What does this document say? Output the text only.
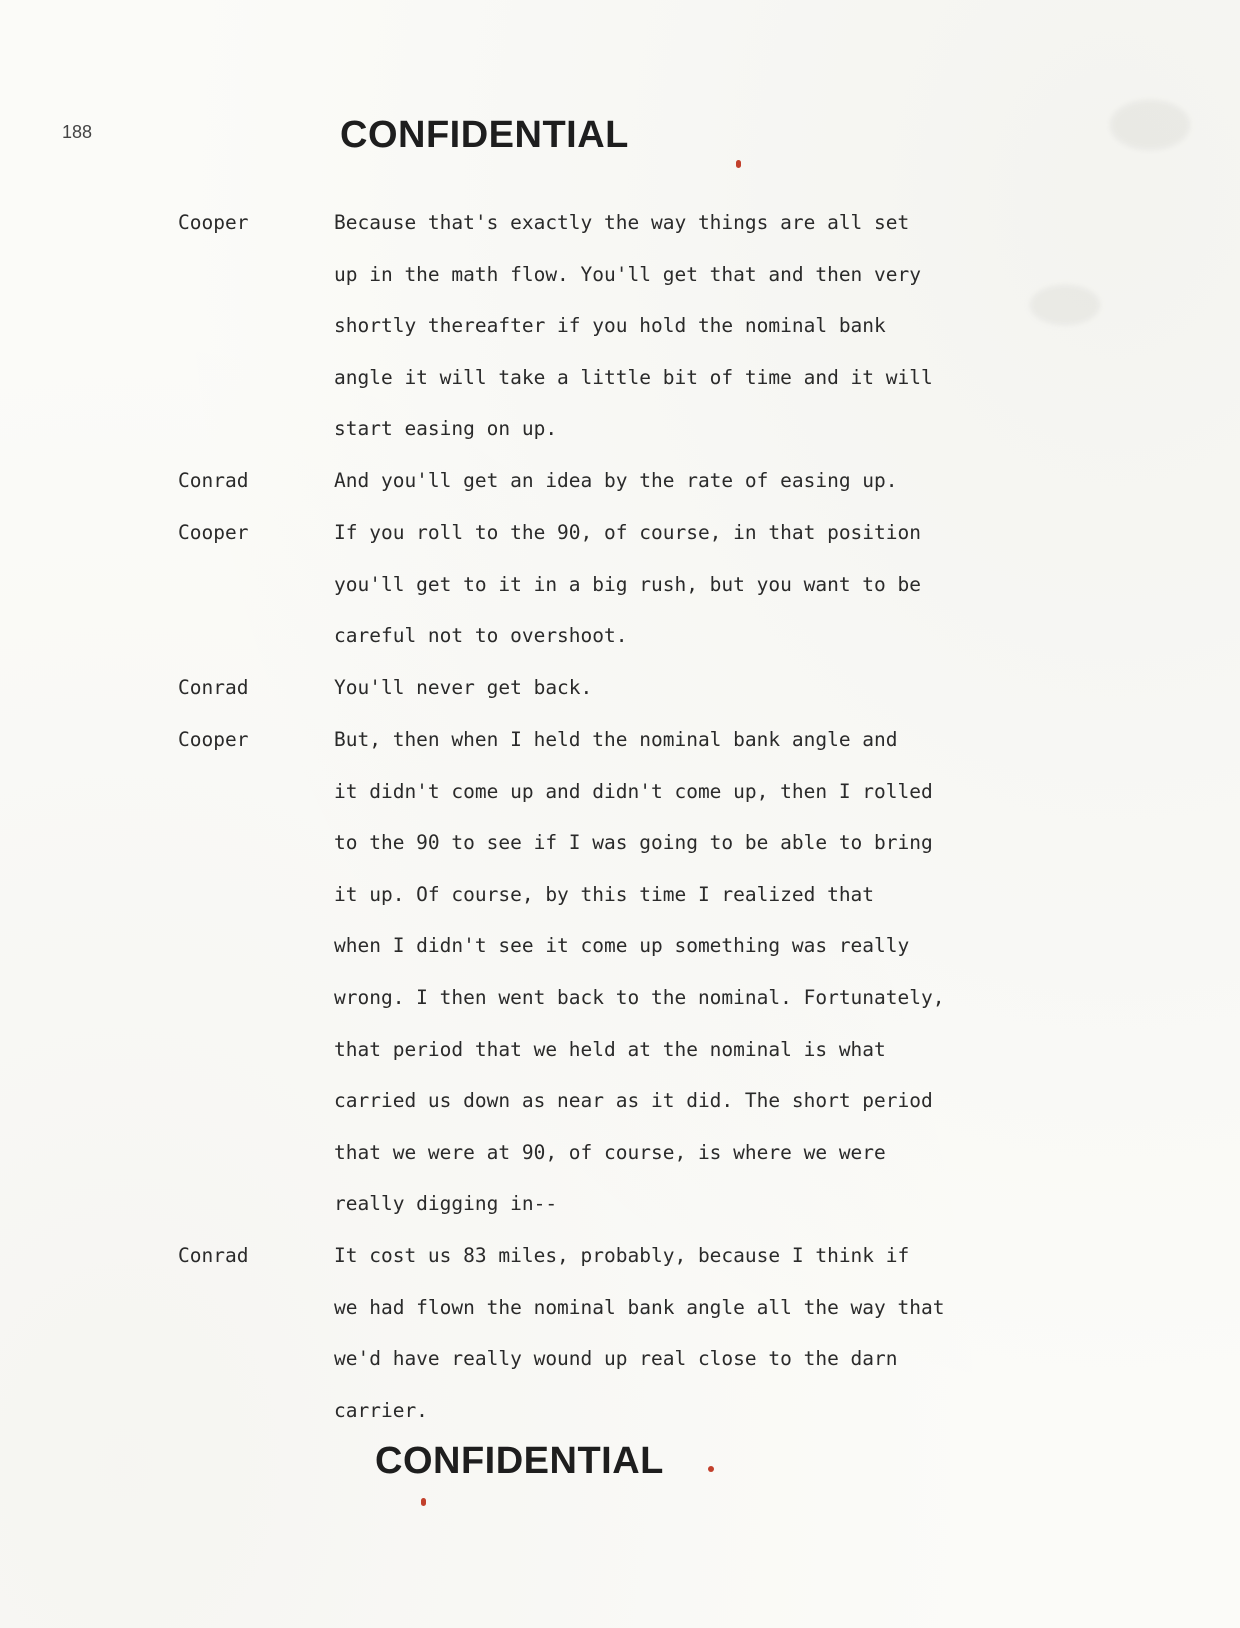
188	CONFIDENTIAL
Cooper	Because that's exactly the way things are all set
up in the math flow. You'll get that and then very
shortly thereafter if you hold the nominal bank
angle it will take a little bit of time and it will
start easing on up.
Conrad	And you'll get an idea by the rate of easing up.
Cooper	If you roll to the 90, of course, in that position
you'll get to it in a big rush, but you want to be
careful not to overshoot.
Conrad	You'll never get back.
Cooper	But, then when I held the nominal bank angle and
it didn't come up and didn't come up, then I rolled
to the 90 to see if I was going to be able to bring
it up. Of course, by this time I realized that
when I didn't see it come up something was really
wrong. I then went back to the nominal. Fortunately,
that period that we held at the nominal is what
carried us down as near as it did. The short period
that we were at 90, of course, is where we were
really digging in--
Conrad	It cost us 83 miles, probably, because I think if
we had flown the nominal bank angle all the way that
we'd have really wound up real close to the darn
carrier.
CONFIDENTIAL
